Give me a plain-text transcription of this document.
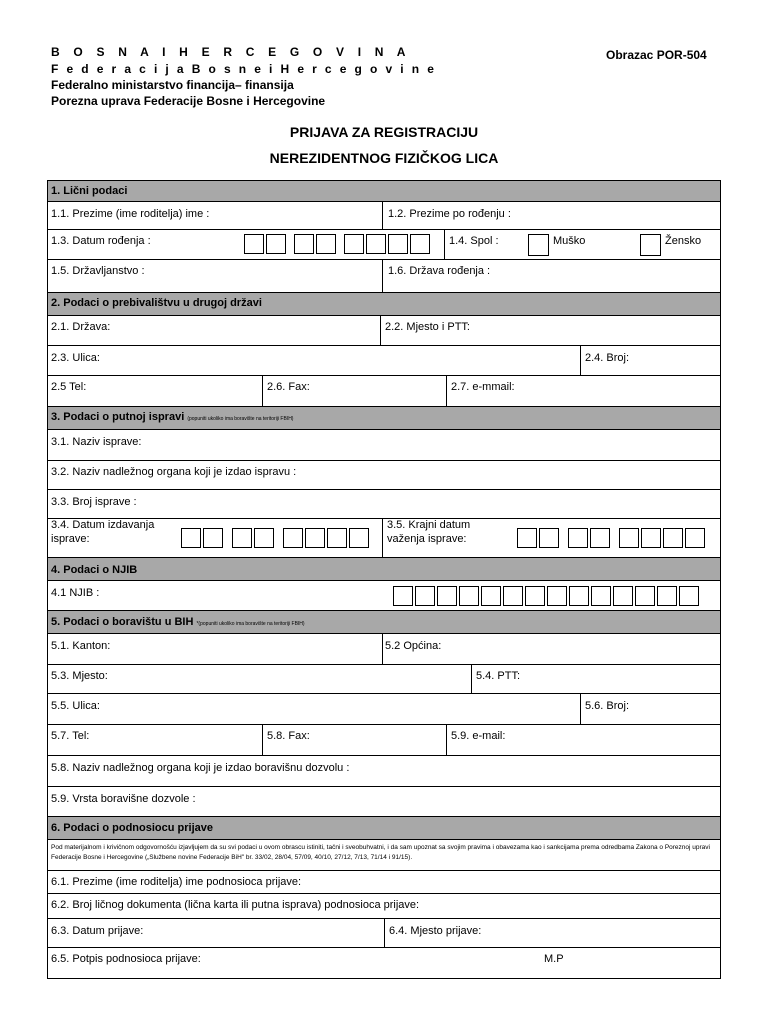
B O S N A I H E R C E G O V I N A
F e d e r a c i j a B o s n e i H e r c e g o v i n e
Federalno ministarstvo financija– finansija
Porezna uprava Federacije Bosne i Hercegovine
Obrazac POR-504
PRIJAVA ZA REGISTRACIJU
NEREZIDENTNOG FIZIČKOG LICA
1. Lični podaci
1.1. Prezime (ime roditelja) ime :	1.2. Prezime po rođenju :
1.3. Datum rođenja :	1.4. Spol :	Muško	Žensko
1.5. Državljanstvo :	1.6. Država rođenja :
2. Podaci o prebivalištvu u drugoj državi
2.1. Država:	2.2. Mjesto i PTT:
2.3. Ulica:	2.4. Broj:
2.5 Tel:	2.6. Fax:	2.7. e-mmail:
3. Podaci o putnoj ispravi (popuniti ukoliko ima boravište na teritoriji FBIH)
3.1. Naziv isprave:
3.2. Naziv nadležnog organa koji je izdao ispravu :
3.3. Broj isprave :
3.4. Datum izdavanja
isprave:
3.5. Krajni datum
važenja isprave:
4. Podaci o NJIB
4.1 NJIB :
5. Podaci o boravištu u BIH *(popuniti ukoliko ima boravište na teritoriji FBIH)
5.1. Kanton:	5.2 Općina:
5.3. Mjesto:	5.4. PTT:
5.5. Ulica:	5.6. Broj:
5.7. Tel:	5.8. Fax:	5.9. e-mail:
5.8. Naziv nadležnog organa koji je izdao boravišnu dozvolu :
5.9. Vrsta boravišne dozvole :
6. Podaci o podnosiocu prijave
Pod materijalnom i krivičnom odgovornošću izjavljujem da su svi podaci u ovom obrascu istiniti, tačni i sveobuhvatni, i da sam upoznat sa svojim pravima i obavezama kao i sankcijama prema odredbama Zakona o Poreznoj upravi Federacije Bosne i Hercegovine („Službene novine Federacije BiH" br. 33/02, 28/04, 57/09, 40/10, 27/12, 7/13, 71/14 i 91/15).
6.1. Prezime (ime roditelja) ime podnosioca prijave:
6.2. Broj ličnog dokumenta (lična karta ili putna isprava) podnosioca prijave:
6.3. Datum prijave:	6.4. Mjesto prijave:
6.5. Potpis podnosioca prijave:	M.P
